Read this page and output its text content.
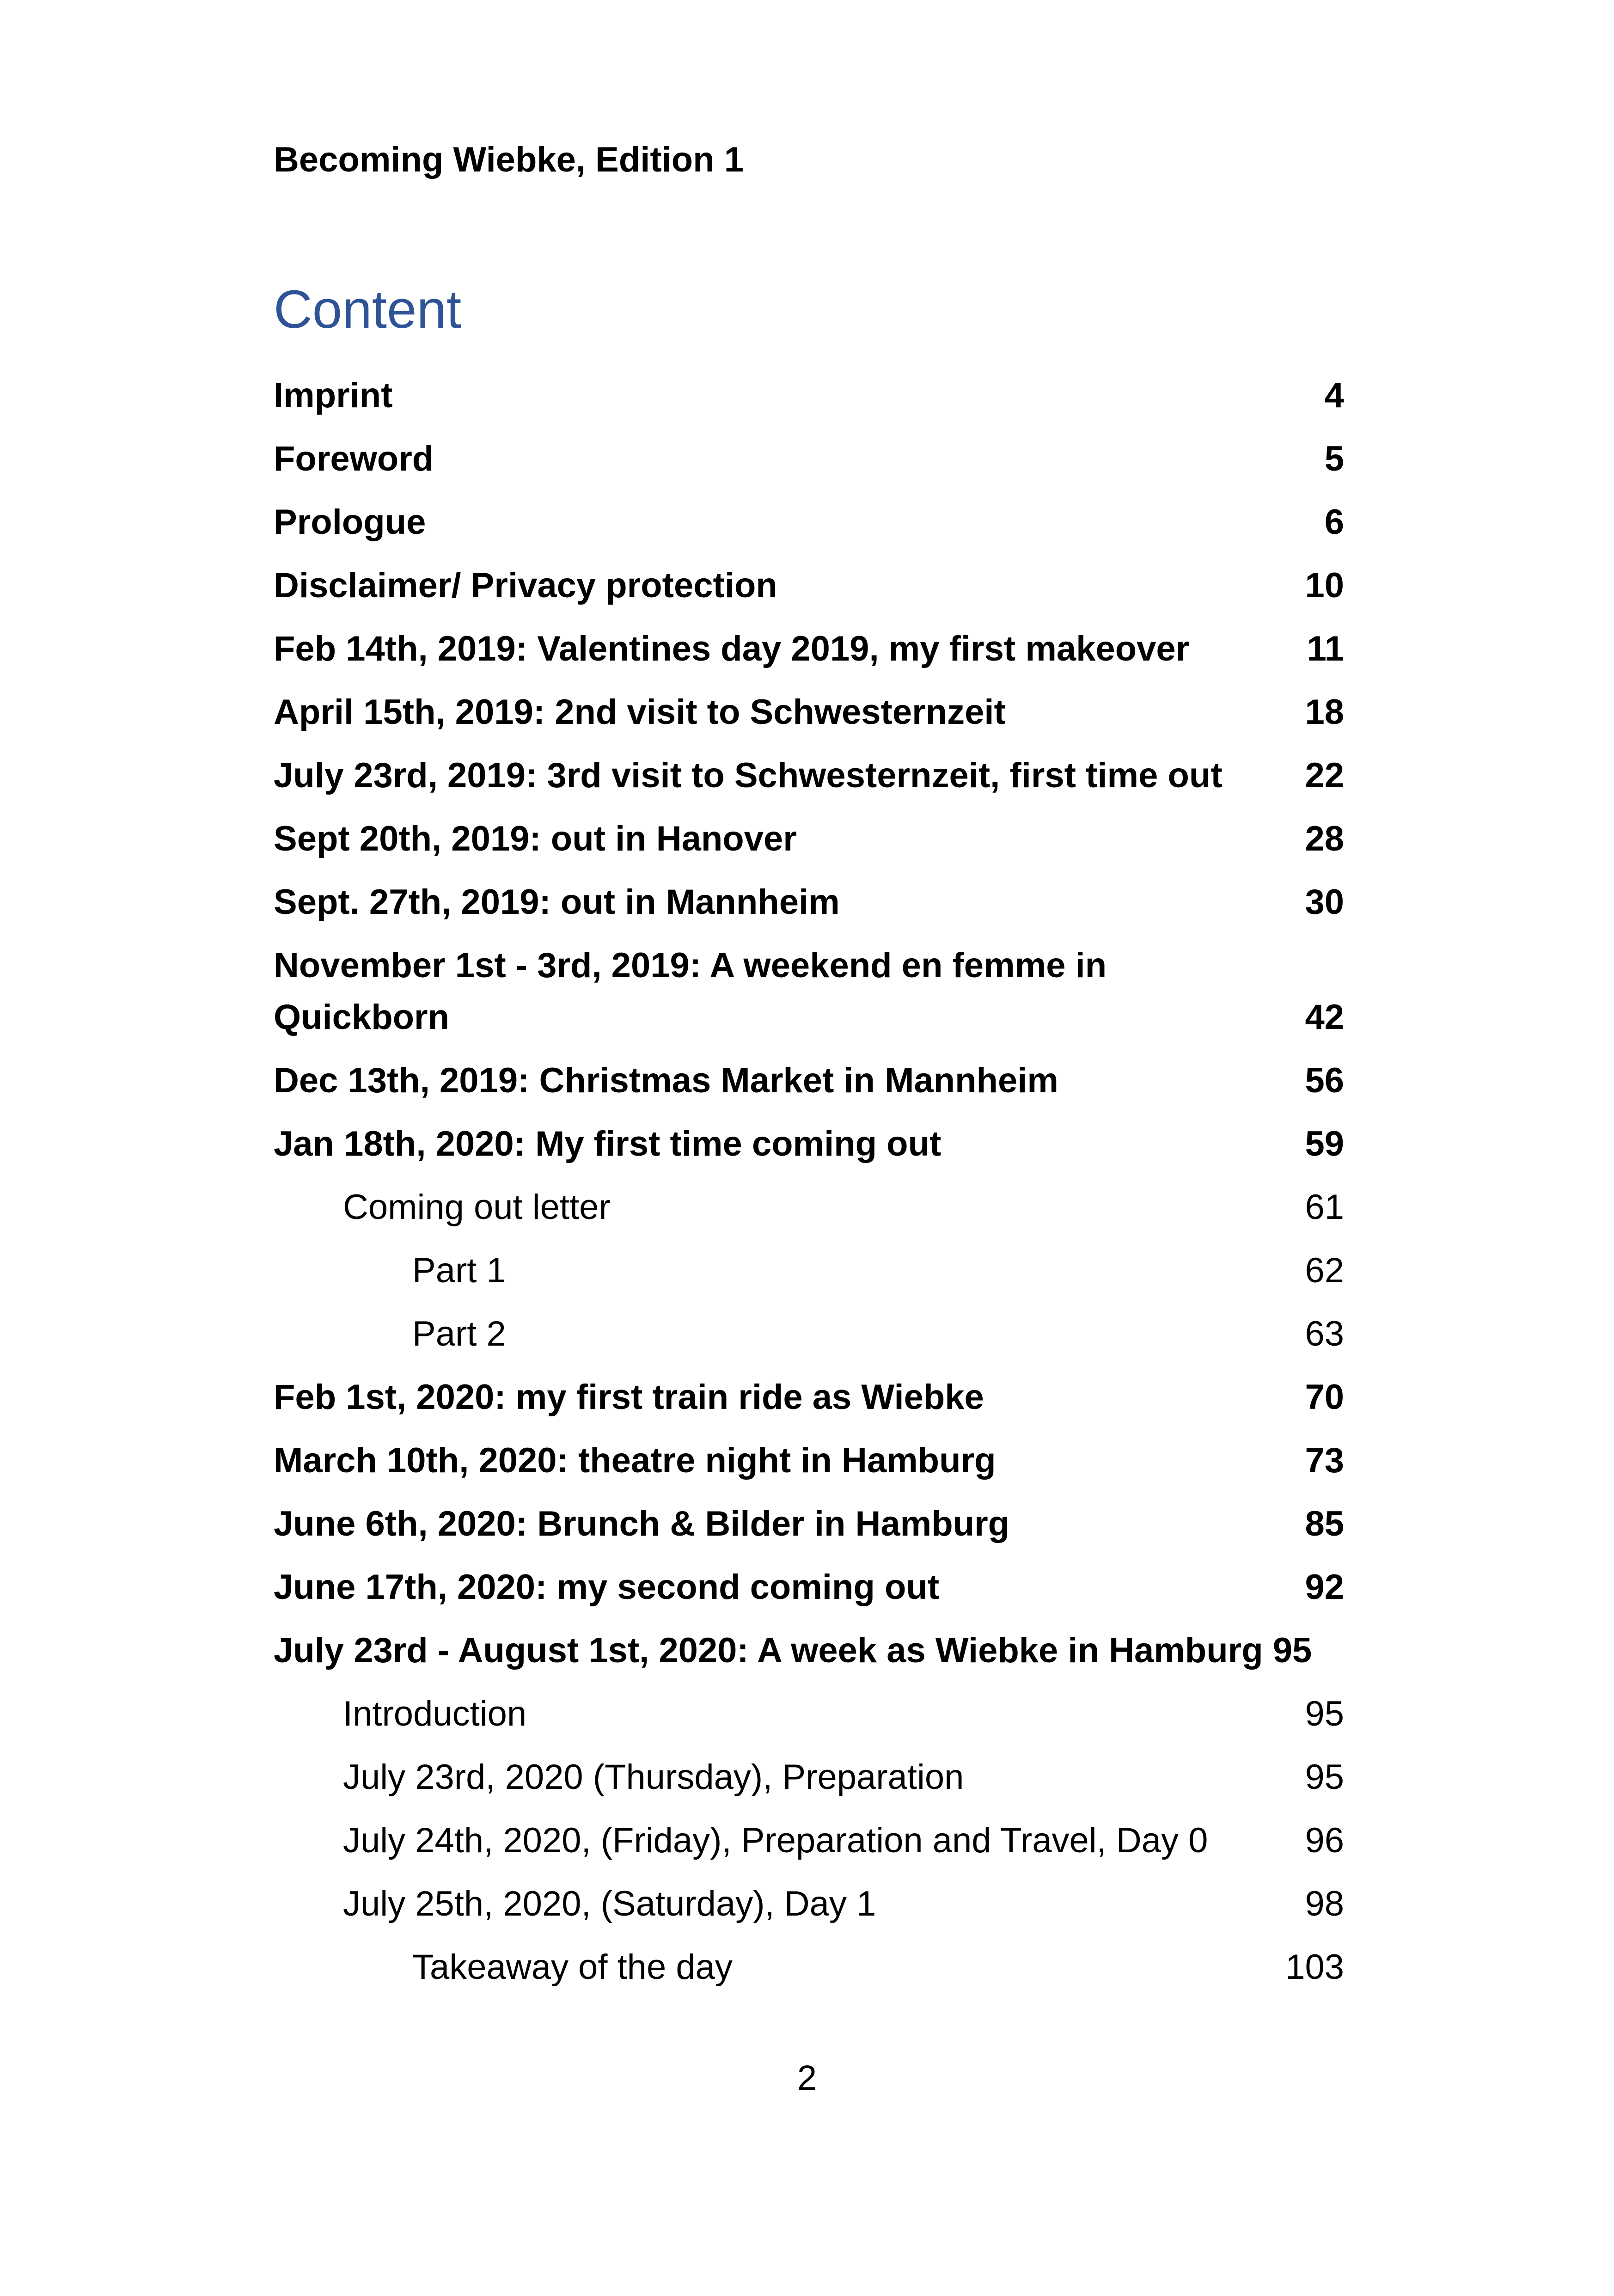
Becoming Wiebke, Edition 1
Content
Imprint	4
Foreword	5
Prologue	6
Disclaimer/ Privacy protection	10
Feb 14th, 2019: Valentines day 2019, my first makeover	11
April 15th, 2019: 2nd visit to Schwesternzeit	18
July 23rd, 2019: 3rd visit to Schwesternzeit, first time out	22
Sept 20th, 2019: out in Hanover	28
Sept. 27th, 2019: out in Mannheim	30
November 1st - 3rd, 2019: A weekend en femme in Quickborn	42
Dec 13th, 2019: Christmas Market in Mannheim	56
Jan 18th, 2020: My first time coming out	59
Coming out letter	61
Part 1	62
Part 2	63
Feb 1st, 2020: my first train ride as Wiebke	70
March 10th, 2020: theatre night in Hamburg	73
June 6th, 2020: Brunch & Bilder in Hamburg	85
June 17th, 2020: my second coming out	92
July 23rd - August 1st, 2020: A week as Wiebke in Hamburg 95
Introduction	95
July 23rd, 2020 (Thursday), Preparation	95
July 24th, 2020, (Friday), Preparation and Travel, Day 0	96
July 25th, 2020, (Saturday), Day 1	98
Takeaway of the day	103
2
